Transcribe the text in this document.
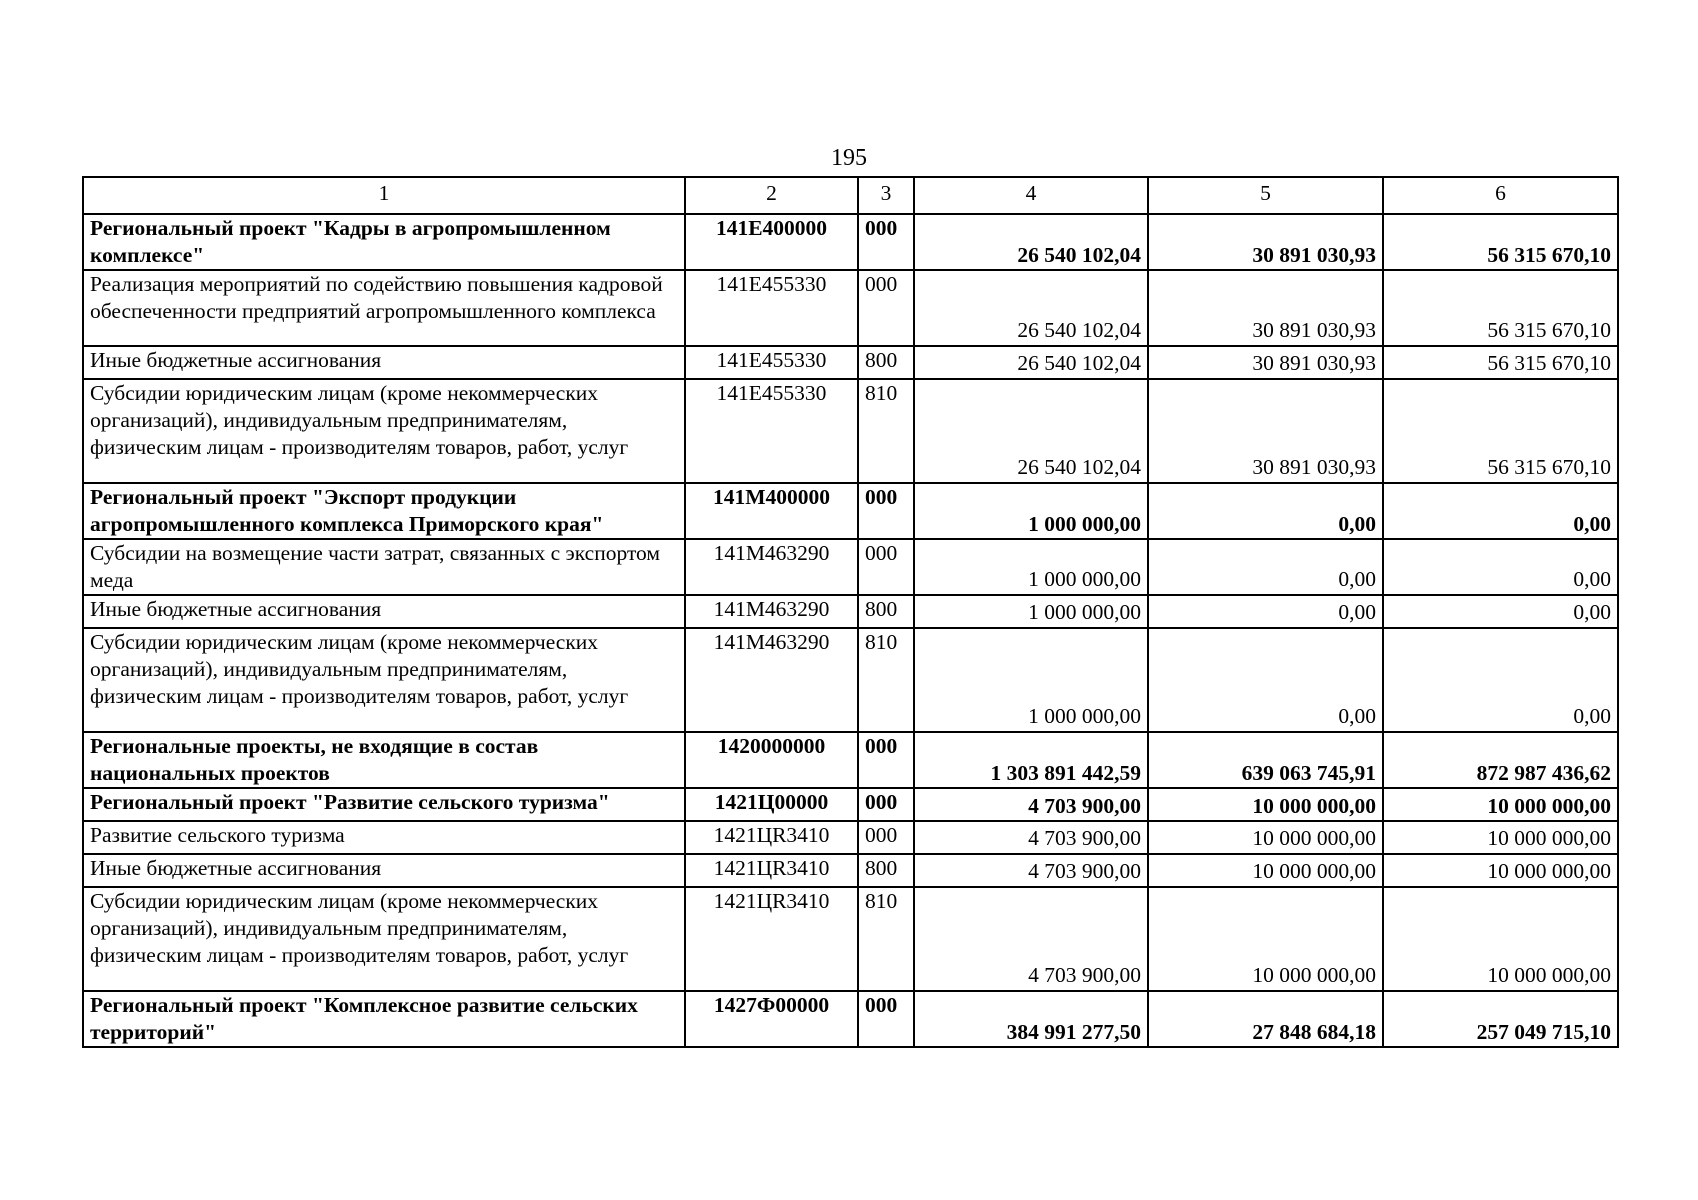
195
1	2	3	4	5	6
Региональный проект "Кадры в агропромышленном комплексе"	141E400000	000	26 540 102,04	30 891 030,93	56 315 670,10
Реализация мероприятий по содействию повышения кадровой обеспеченности предприятий агропромышленного комплекса	141E455330	000	26 540 102,04	30 891 030,93	56 315 670,10
Иные бюджетные ассигнования	141E455330	800	26 540 102,04	30 891 030,93	56 315 670,10
Субсидии юридическим лицам (кроме некоммерческих организаций), индивидуальным предпринимателям, физическим лицам - производителям товаров, работ, услуг	141E455330	810	26 540 102,04	30 891 030,93	56 315 670,10
Региональный проект "Экспорт продукции агропромышленного комплекса Приморского края"	141M400000	000	1 000 000,00	0,00	0,00
Субсидии на возмещение части затрат, связанных с экспортом меда	141M463290	000	1 000 000,00	0,00	0,00
Иные бюджетные ассигнования	141M463290	800	1 000 000,00	0,00	0,00
Субсидии юридическим лицам (кроме некоммерческих организаций), индивидуальным предпринимателям, физическим лицам - производителям товаров, работ, услуг	141M463290	810	1 000 000,00	0,00	0,00
Региональные проекты, не входящие в состав национальных проектов	1420000000	000	1 303 891 442,59	639 063 745,91	872 987 436,62
Региональный проект "Развитие сельского туризма"	1421Ц00000	000	4 703 900,00	10 000 000,00	10 000 000,00
Развитие сельского туризма	1421ЦR3410	000	4 703 900,00	10 000 000,00	10 000 000,00
Иные бюджетные ассигнования	1421ЦR3410	800	4 703 900,00	10 000 000,00	10 000 000,00
Субсидии юридическим лицам (кроме некоммерческих организаций), индивидуальным предпринимателям, физическим лицам - производителям товаров, работ, услуг	1421ЦR3410	810	4 703 900,00	10 000 000,00	10 000 000,00
Региональный проект "Комплексное развитие сельских территорий"	1427Ф00000	000	384 991 277,50	27 848 684,18	257 049 715,10
